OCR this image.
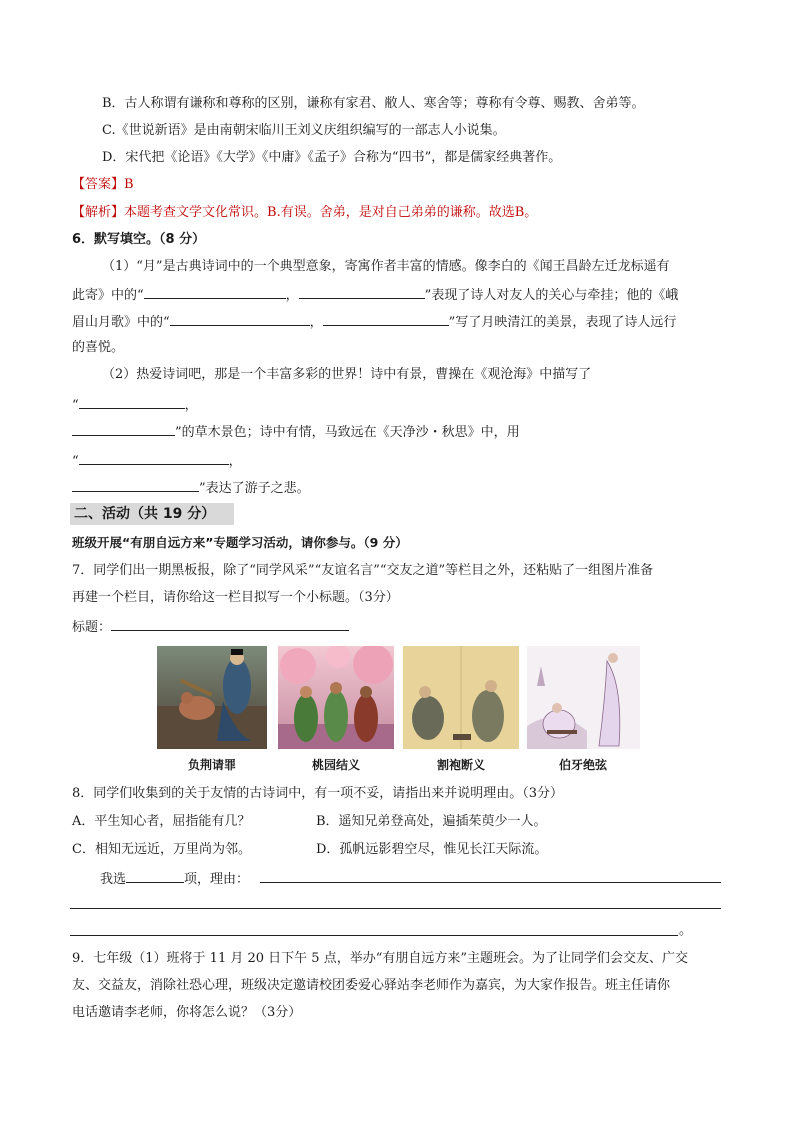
B．古人称谓有谦称和尊称的区别，谦称有家君、敝人、寒舍等；尊称有令尊、赐教、舍弟等。
C.《世说新语》是由南朝宋临川王刘义庆组织编写的一部志人小说集。
D．宋代把《论语》《大学》《中庸》《孟子》合称为“四书”，都是儒家经典著作。
【答案】B
【解析】本题考查文学文化常识。B.有误。舍弟，是对自己弟弟的谦称。故选B。
6．默写填空。（8 分）
（1）“月”是古典诗词中的一个典型意象，寄寓作者丰富的情感。像李白的《闻王昌龄左迁龙标遥有
此寄》中的“	，	”表现了诗人对友人的关心与牵挂；他的《峨
眉山月歌》中的“	，	”写了月映清江的美景，表现了诗人远行
的喜悦。
（2）热爱诗词吧，那是一个丰富多彩的世界！诗中有景，曹操在《观沧海》中描写了
“	，
”的草木景色；诗中有情，马致远在《天净沙・秋思》中，用
“	，
”表达了游子之悲。
二、活动（共 19 分）
班级开展“有朋自远方来”专题学习活动，请你参与。（9 分）
7．同学们出一期黑板报，除了“同学风采”“友谊名言”“交友之道”等栏目之外，还粘贴了一组图片准备
再建一个栏目，请你给这一栏目拟写一个小标题。（3分）
标题：
负荆请罪	桃园结义	割袍断义	伯牙绝弦
8．同学们收集到的关于友情的古诗词中，有一项不妥，请指出来并说明理由。（3分）
A．平生知心者，屈指能有几？	B．遥知兄弟登高处，遍插茱萸少一人。
C．相知无远近，万里尚为邻。	D．孤帆远影碧空尽，惟见长江天际流。
我选	项，理由：
。
9．七年级（1）班将于 11 月 20 日下午 5 点，举办“有朋自远方来”主题班会。为了让同学们会交友、广交
友、交益友，消除社恐心理，班级决定邀请校团委爱心驿站李老师作为嘉宾，为大家作报告。班主任请你
电话邀请李老师，你将怎么说？（3分）
